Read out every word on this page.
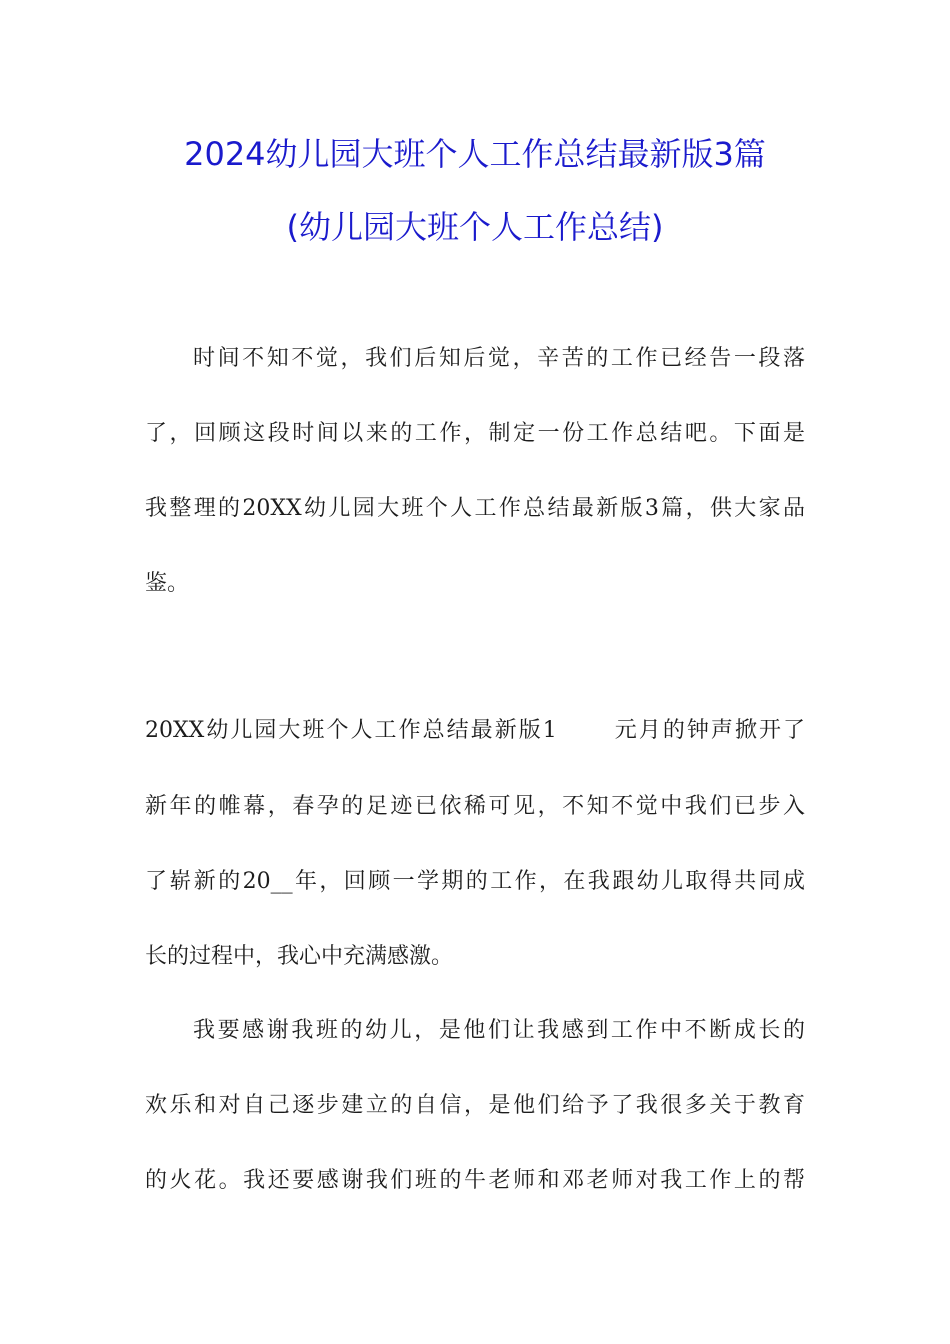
2024幼儿园大班个人工作总结最新版3篇
(幼儿园大班个人工作总结)
时间不知不觉，我们后知后觉，辛苦的工作已经告一段落
了，回顾这段时间以来的工作，制定一份工作总结吧。下面是
我整理的20XX幼儿园大班个人工作总结最新版3篇，供大家品
鉴。
20XX幼儿园大班个人工作总结最新版1	元月的钟声掀开了
新年的帷幕，春孕的足迹已依稀可见，不知不觉中我们已步入
了崭新的20__年，回顾一学期的工作，在我跟幼儿取得共同成
长的过程中，我心中充满感激。
我要感谢我班的幼儿，是他们让我感到工作中不断成长的
欢乐和对自己逐步建立的自信，是他们给予了我很多关于教育
的火花。我还要感谢我们班的牛老师和邓老师对我工作上的帮
